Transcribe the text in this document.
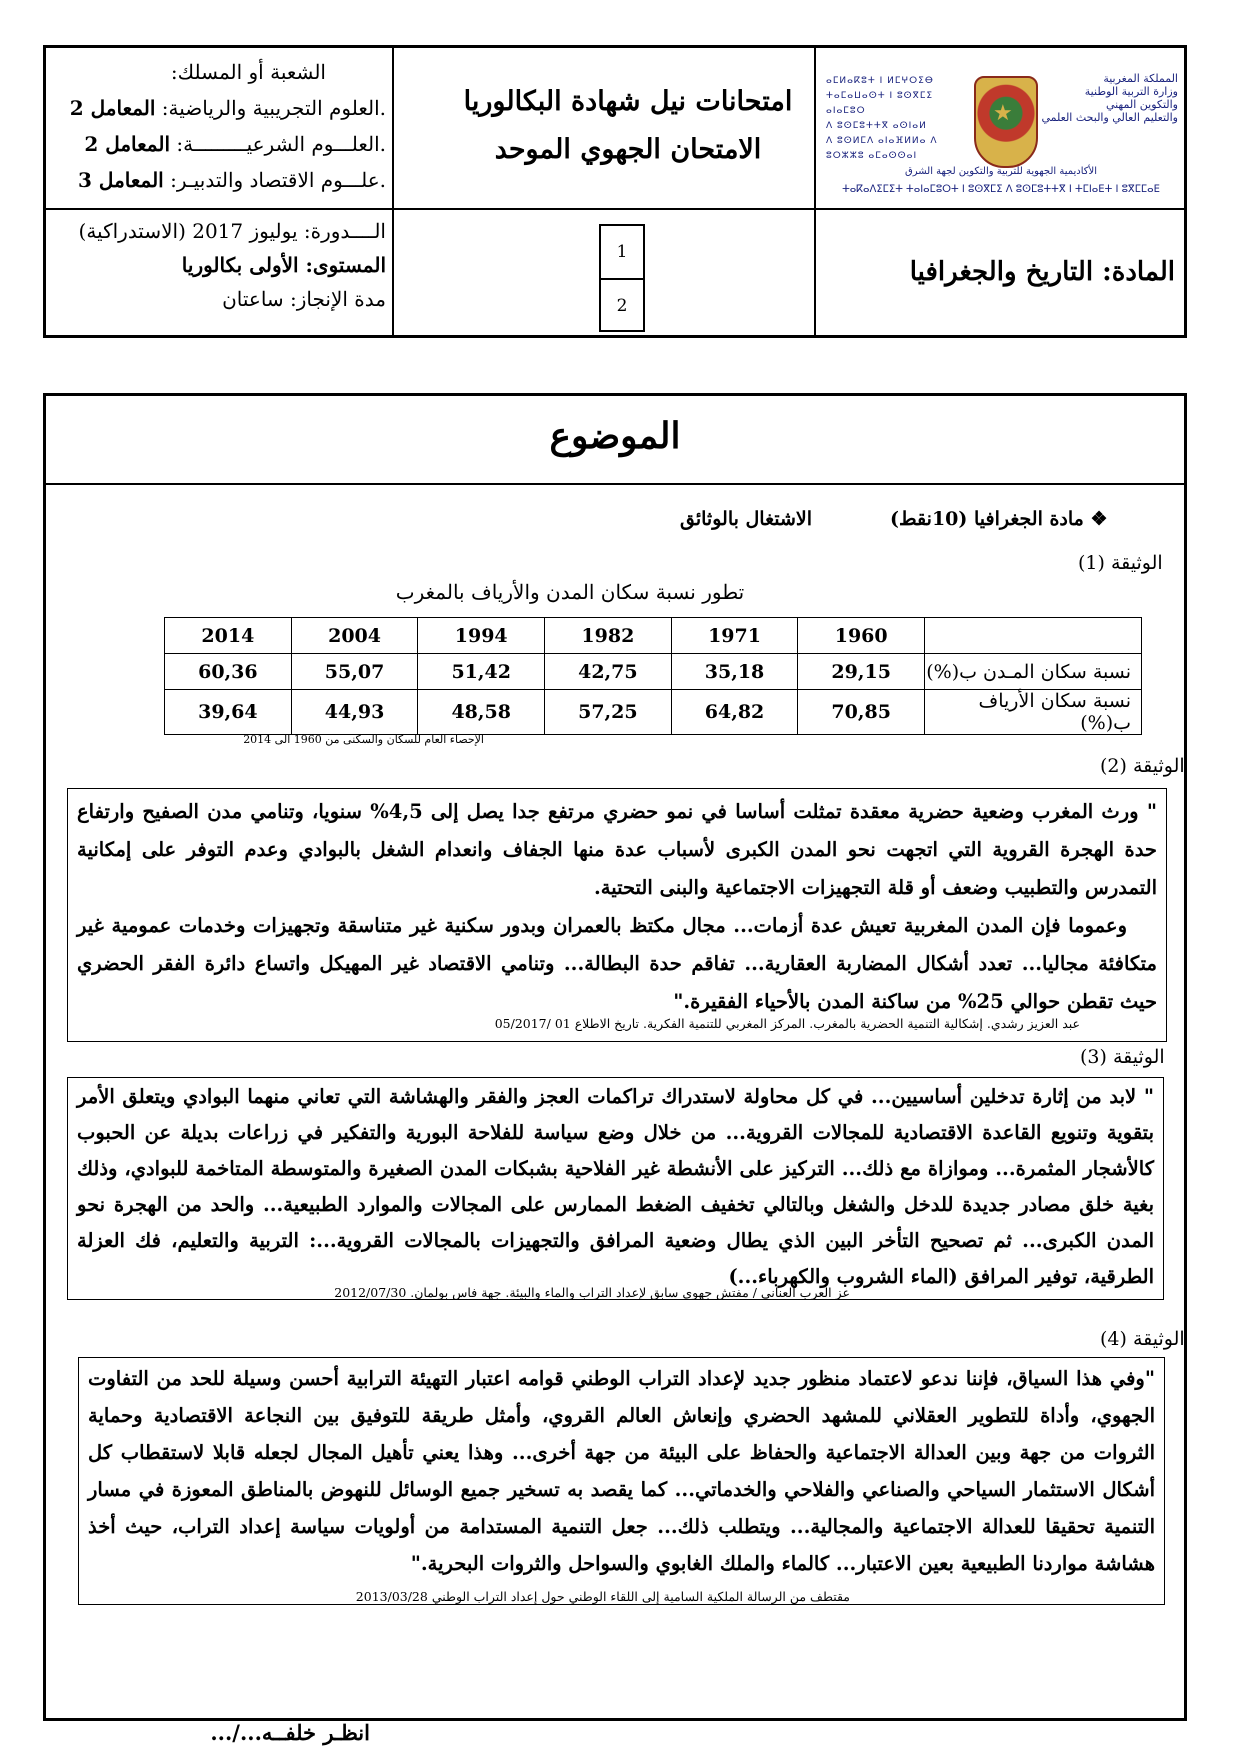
ⴰⵎⵍⴰⴽⵓⵜ ⵏ ⵍⵎⵖⵔⵉⴱ
ⵜⴰⵎⴰⵡⴰⵙⵜ ⵏ ⵓⵙⴳⵎⵉ ⴰⵏⴰⵎⵓⵔ
ⴷ ⵓⵙⵎⵓⵜⵜⴳ ⴰⵙⵏⴰⵍ
ⴷ ⵓⵙⵍⵎⴷ ⴰⵏⴰⴼⵍⵍⴰ ⴷ ⵓⵔⵣⵣⵓ ⴰⵎⴰⵙⵙⴰⵏ
★
المملكة المغربية
وزارة التربية الوطنية
والتكوين المهني
والتعليم العالي والبحث العلمي
الأكاديمية الجهوية للتربية والتكوين لجهة الشرق
ⵜⴰⴽⴰⴷⵉⵎⵉⵜ ⵜⴰⵏⴰⵎⵓⵔⵜ ⵏ ⵓⵙⴳⵎⵉ ⴷ ⵓⵙⵎⵓⵜⵜⴳ ⵏ ⵜⵎⵏⴰⴹⵜ ⵏ ⵓⴳⵎⵎⴰⴹ
امتحانات نيل شهادة البكالوريا
الامتحان الجهوي الموحد
الشعبة أو المسلك:
.العلوم التجريبية والرياضية: المعامل 2
.العلـــوم الشرعيـــــــــة: المعامل 2
.علـــوم الاقتصاد والتدبيـر: المعامل 3
الــــدورة: يوليوز 2017 (الاستدراكية)
المستوى: الأولى بكالوريا
مدة الإنجاز: ساعتان
1
2
المادة: التاريخ والجغرافيا
الموضوع
❖ مادة الجغرافيا (10نقط)
الاشتغال بالوثائق
الوثيقة (1)
تطور نسبة سكان المدن والأرياف بالمغرب
	1960	1971	1982	1994	2004	2014
نسبة سكان المـدن ب(%)	29,15	35,18	42,75	51,42	55,07	60,36
نسبة سكان الأرياف ب(%)	70,85	64,82	57,25	48,58	44,93	39,64
الإحصاء العام للسكان والسكنى من 1960 الى 2014
الوثيقة (2)

" ورث المغرب وضعية حضرية معقدة تمثلت أساسا في نمو حضري مرتفع جدا يصل إلى 4,5% سنويا، وتنامي مدن الصفيح وارتفاع حدة الهجرة القروية التي اتجهت نحو المدن الكبرى لأسباب عدة منها الجفاف وانعدام الشغل بالبوادي وعدم التوفر على إمكانية التمدرس والتطبيب وضعف أو قلة التجهيزات الاجتماعية والبنى التحتية.

وعموما فإن المدن المغربية تعيش عدة أزمات... مجال مكتظ بالعمران وبدور سكنية غير متناسقة وتجهيزات وخدمات عمومية غير متكافئة مجاليا... تعدد أشكال المضاربة العقارية... تفاقم حدة البطالة... وتنامي الاقتصاد غير المهيكل واتساع دائرة الفقر الحضري حيث تقطن حوالي 25% من ساكنة المدن بالأحياء الفقيرة."

عبد العزيز رشدي. إشكالية التنمية الحضرية بالمغرب. المركز المغربي للتنمية الفكرية. تاريخ الاطلاع 01 /05/2017
الوثيقة (3)
" لابد من إثارة تدخلين أساسيين... في كل محاولة لاستدراك تراكمات العجز والفقر والهشاشة التي تعاني منهما البوادي ويتعلق الأمر بتقوية وتنويع القاعدة الاقتصادية للمجالات القروية... من خلال وضع سياسة للفلاحة البورية والتفكير في زراعات بديلة عن الحبوب كالأشجار المثمرة... وموازاة مع ذلك... التركيز على الأنشطة غير الفلاحية بشبكات المدن الصغيرة والمتوسطة المتاخمة للبوادي، وذلك بغية خلق مصادر جديدة للدخل والشغل وبالتالي تخفيف الضغط الممارس على المجالات والموارد الطبيعية... والحد من الهجرة نحو المدن الكبرى... ثم تصحيح التأخر البين الذي يطال وضعية المرافق والتجهيزات بالمجالات القروية...: التربية والتعليم، فك العزلة الطرقية، توفير المرافق (الماء الشروب والكهرباء...)
عز العرب العناني / مفتش جهوي سابق لإعداد التراب والماء والبيئة. جهة فاس بولمان. 2012/07/30
الوثيقة (4)
"وفي هذا السياق، فإننا ندعو لاعتماد منظور جديد لإعداد التراب الوطني قوامه اعتبار التهيئة الترابية أحسن وسيلة للحد من التفاوت الجهوي، وأداة للتطوير العقلاني للمشهد الحضري وإنعاش العالم القروي، وأمثل طريقة للتوفيق بين النجاعة الاقتصادية وحماية الثروات من جهة وبين العدالة الاجتماعية والحفاظ على البيئة من جهة أخرى... وهذا يعني تأهيل المجال لجعله قابلا لاستقطاب كل أشكال الاستثمار السياحي والصناعي والفلاحي والخدماتي... كما يقصد به تسخير جميع الوسائل للنهوض بالمناطق المعوزة في مسار التنمية تحقيقا للعدالة الاجتماعية والمجالية... ويتطلب ذلك... جعل التنمية المستدامة من أولويات سياسة إعداد التراب، حيث أخذ هشاشة مواردنا الطبيعية بعين الاعتبار... كالماء والملك الغابوي والسواحل والثروات البحرية."
مقتطف من الرسالة الملكية السامية إلى اللقاء الوطني حول إعداد التراب الوطني 2013/03/28
انظـر خلفــه.../...
